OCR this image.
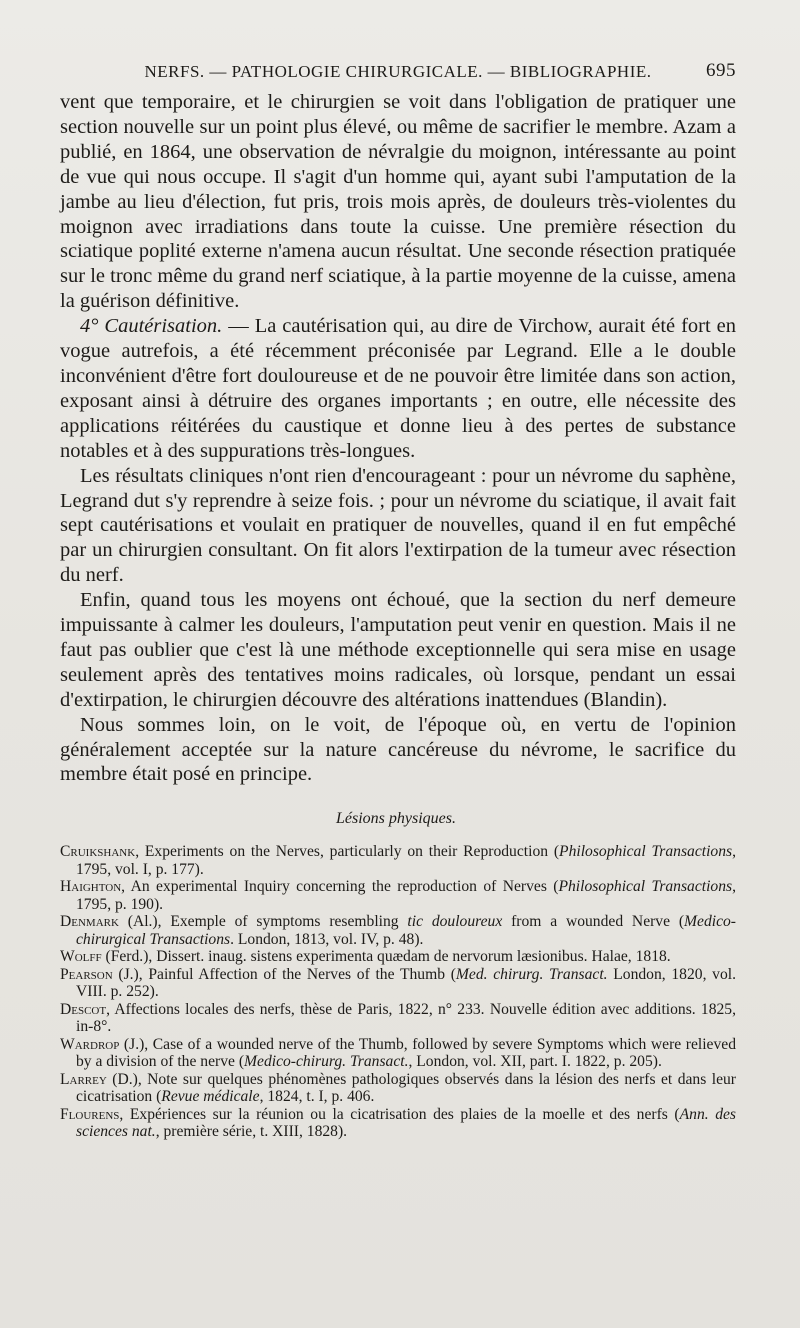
NERFS. — PATHOLOGIE CHIRURGICALE. — BIBLIOGRAPHIE.	695

vent que temporaire, et le chirurgien se voit dans l'obligation de pratiquer une section nouvelle sur un point plus élevé, ou même de sacrifier le membre. Azam a publié, en 1864, une observation de névralgie du moignon, intéressante au point de vue qui nous occupe. Il s'agit d'un homme qui, ayant subi l'amputation de la jambe au lieu d'élection, fut pris, trois mois après, de douleurs très-violentes du moignon avec irradiations dans toute la cuisse. Une première résection du sciatique poplité externe n'amena aucun résultat. Une seconde résection pratiquée sur le tronc même du grand nerf sciatique, à la partie moyenne de la cuisse, amena la guérison définitive.

4° Cautérisation. — La cautérisation qui, au dire de Virchow, aurait été fort en vogue autrefois, a été récemment préconisée par Legrand. Elle a le double inconvénient d'être fort douloureuse et de ne pouvoir être limitée dans son action, exposant ainsi à détruire des organes importants ; en outre, elle nécessite des applications réitérées du caustique et donne lieu à des pertes de substance notables et à des suppurations très-longues.

Les résultats cliniques n'ont rien d'encourageant : pour un névrome du saphène, Legrand dut s'y reprendre à seize fois. ; pour un névrome du sciatique, il avait fait sept cautérisations et voulait en pratiquer de nouvelles, quand il en fut empêché par un chirurgien consultant. On fit alors l'extirpation de la tumeur avec résection du nerf.

Enfin, quand tous les moyens ont échoué, que la section du nerf demeure impuissante à calmer les douleurs, l'amputation peut venir en question. Mais il ne faut pas oublier que c'est là une méthode exceptionnelle qui sera mise en usage seulement après des tentatives moins radicales, où lorsque, pendant un essai d'extirpation, le chirurgien découvre des altérations inattendues (Blandin).

Nous sommes loin, on le voit, de l'époque où, en vertu de l'opinion généralement acceptée sur la nature cancéreuse du névrome, le sacrifice du membre était posé en principe.

Lésions physiques.

Cruikshank, Experiments on the Nerves, particularly on their Reproduction (Philosophical Transactions, 1795, vol. I, p. 177).

Haighton, An experimental Inquiry concerning the reproduction of Nerves (Philosophical Transactions, 1795, p. 190).

Denmark (Al.), Exemple of symptoms resembling tic douloureux from a wounded Nerve (Medico-chirurgical Transactions. London, 1813, vol. IV, p. 48).

Wolff (Ferd.), Dissert. inaug. sistens experimenta quædam de nervorum læsionibus. Halae, 1818.

Pearson (J.), Painful Affection of the Nerves of the Thumb (Med. chirurg. Transact. London, 1820, vol. VIII. p. 252).

Descot, Affections locales des nerfs, thèse de Paris, 1822, n° 233. Nouvelle édition avec additions. 1825, in-8°.

Wardrop (J.), Case of a wounded nerve of the Thumb, followed by severe Symptoms which were relieved by a division of the nerve (Medico-chirurg. Transact., London, vol. XII, part. I. 1822, p. 205).

Larrey (D.), Note sur quelques phénomènes pathologiques observés dans la lésion des nerfs et dans leur cicatrisation (Revue médicale, 1824, t. I, p. 406.

Flourens, Expériences sur la réunion ou la cicatrisation des plaies de la moelle et des nerfs (Ann. des sciences nat., première série, t. XIII, 1828).
